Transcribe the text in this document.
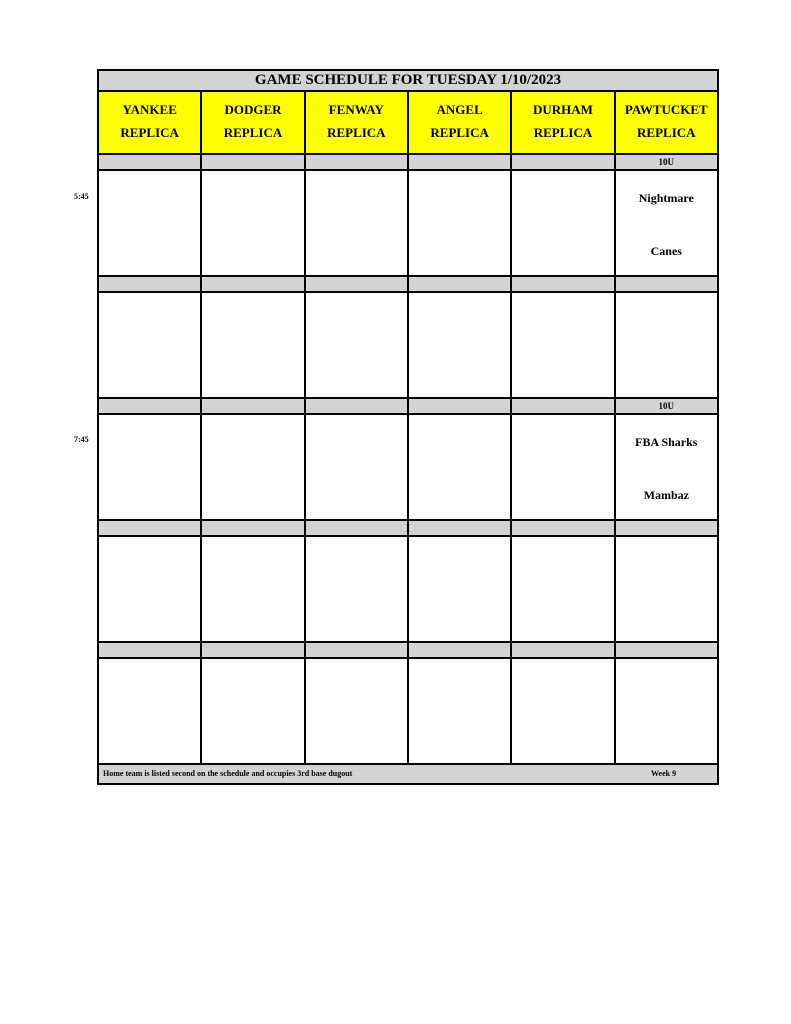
5:45
7:45
GAME SCHEDULE FOR TUESDAY 1/10/2023
YANKEE
REPLICA
DODGER
REPLICA
FENWAY
REPLICA
ANGEL
REPLICA
DURHAM
REPLICA
PAWTUCKET
REPLICA
10U
Nightmare
Canes
10U
FBA Sharks
Mambaz
Home team is listed second on the schedule and occupies 3rd base dugout	Week 9
